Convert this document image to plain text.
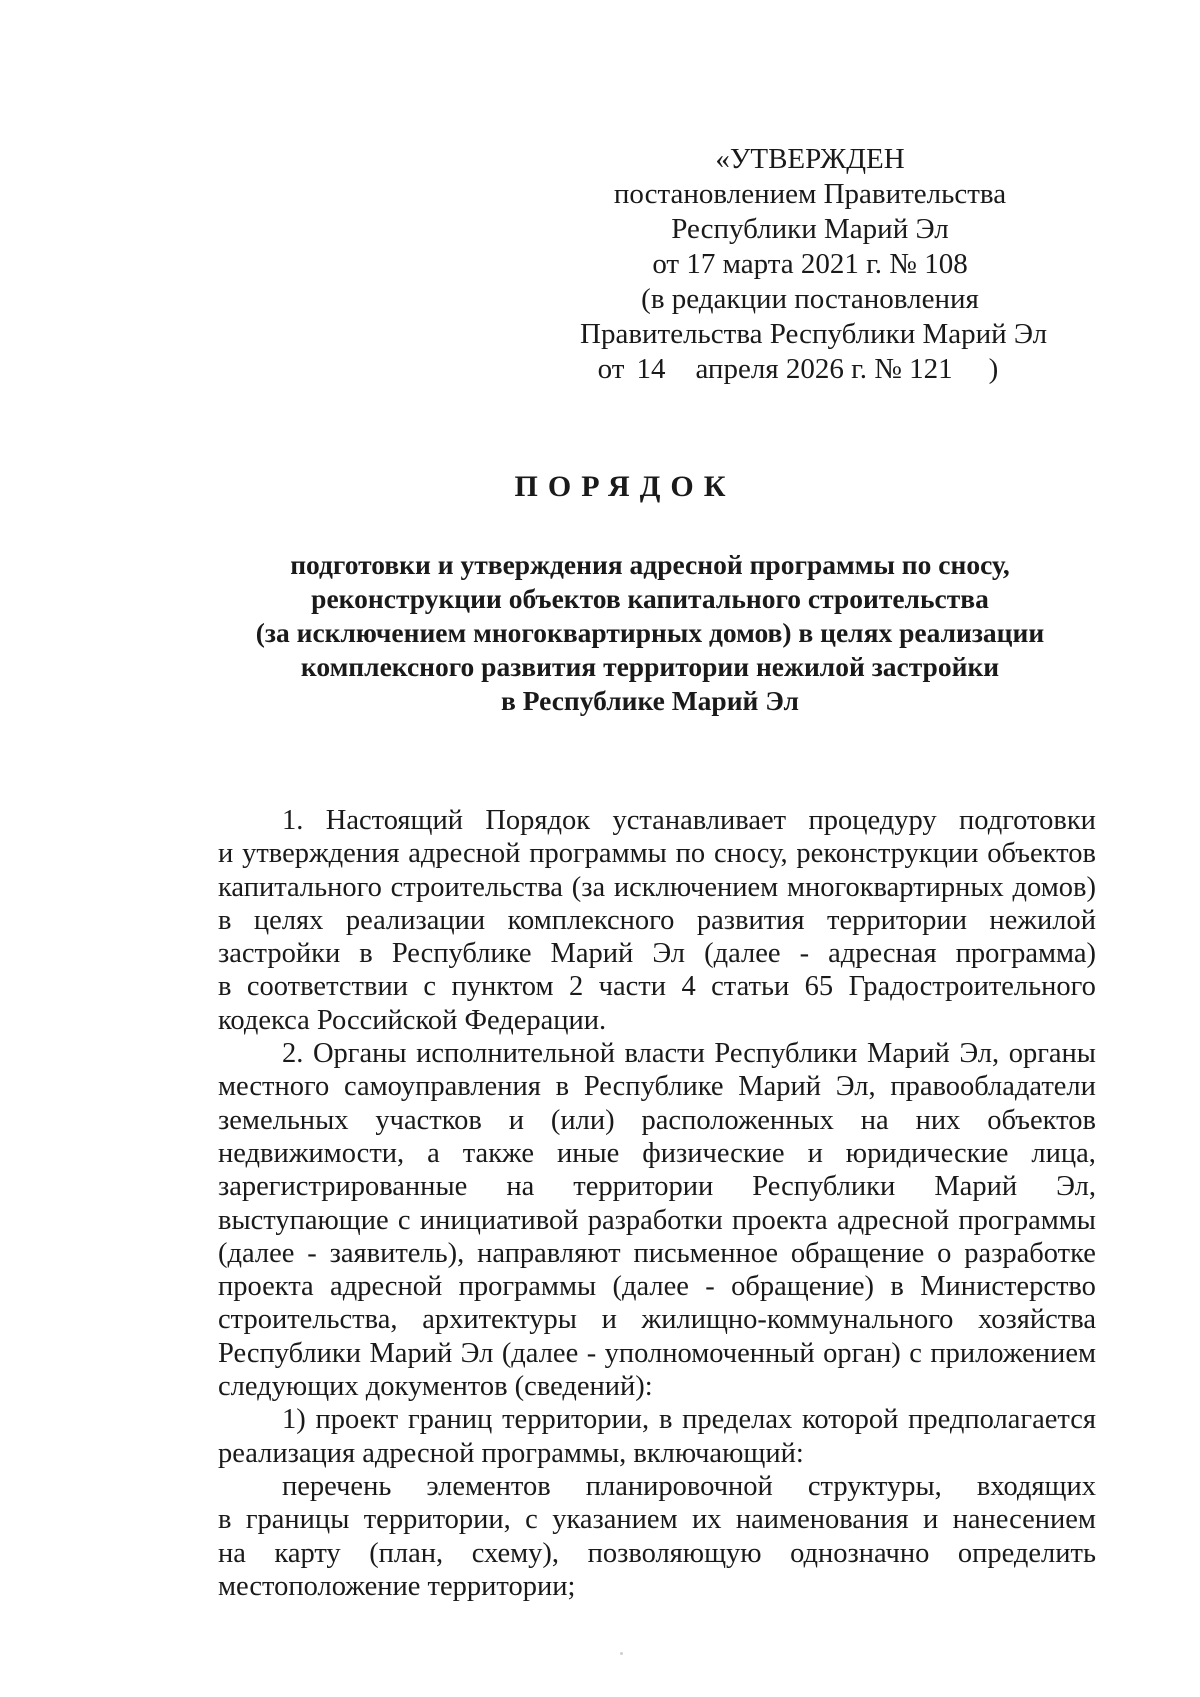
«УТВЕРЖДЕН
постановлением Правительства
Республики Марий Эл
от 17 марта 2021 г. № 108
(в редакции постановления
Правительства Республики Марий Эл
от 14 апреля 2026 г. № 121 )
ПОРЯДОК
подготовки и утверждения адресной программы по сносу,
реконструкции объектов капитального строительства
(за исключением многоквартирных домов) в целях реализации
комплексного развития территории нежилой застройки
в Республике Марий Эл
1. Настоящий Порядок устанавливает процедуру подготовки
и утверждения адресной программы по сносу, реконструкции объектов
капитального строительства (за исключением многоквартирных домов)
в целях реализации комплексного развития территории нежилой
застройки в Республике Марий Эл (далее - адресная программа)
в соответствии с пунктом 2 части 4 статьи 65 Градостроительного
кодекса Российской Федерации.
2. Органы исполнительной власти Республики Марий Эл, органы
местного самоуправления в Республике Марий Эл, правообладатели
земельных участков и (или) расположенных на них объектов
недвижимости, а также иные физические и юридические лица,
зарегистрированные на территории Республики Марий Эл,
выступающие с инициативой разработки проекта адресной программы
(далее - заявитель), направляют письменное обращение о разработке
проекта адресной программы (далее - обращение) в Министерство
строительства, архитектуры и жилищно-коммунального хозяйства
Республики Марий Эл (далее - уполномоченный орган) с приложением
следующих документов (сведений):
1) проект границ территории, в пределах которой предполагается
реализация адресной программы, включающий:
перечень элементов планировочной структуры, входящих
в границы территории, с указанием их наименования и нанесением
на карту (план, схему), позволяющую однозначно определить
местоположение территории;
